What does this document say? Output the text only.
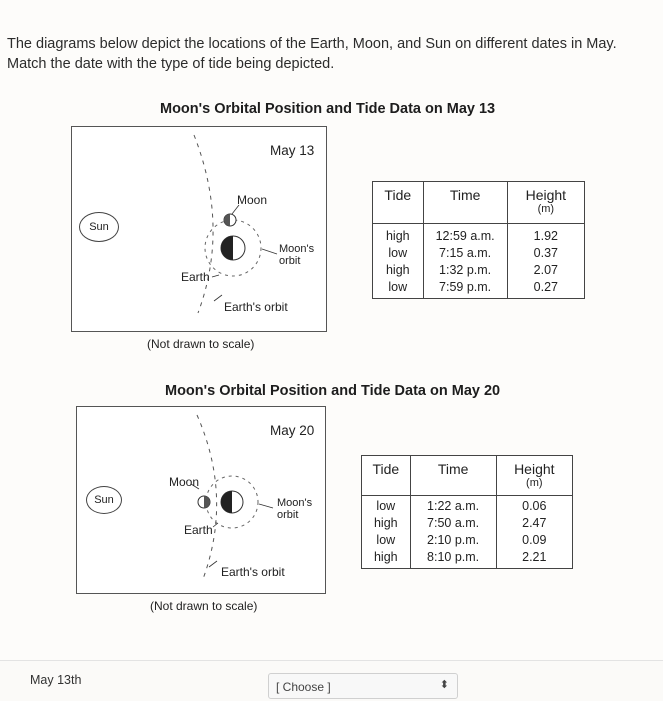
The diagrams below depict the locations of the Earth, Moon, and Sun on different dates in May. Match the date with the type of tide being depicted.
Moon's Orbital Position and Tide Data on May 13
Sun
May 13
Moon
Moon's
orbit
Earth
Earth's orbit
(Not drawn to scale)
Tide	Time	Height
(m)

high	12:59 a.m.	1.92
low	7:15 a.m.	0.37
high	1:32 p.m.	2.07
low	7:59 p.m.	0.27
Moon's Orbital Position and Tide Data on May 20
Sun
May 20
Moon
Moon's
orbit
Earth
Earth's orbit
(Not drawn to scale)
Tide	Time	Height
(m)

low	1:22 a.m.	0.06
high	7:50 a.m.	2.47
low	2:10 p.m.	0.09
high	8:10 p.m.	2.21
May 13th	[ Choose ]	⬍
